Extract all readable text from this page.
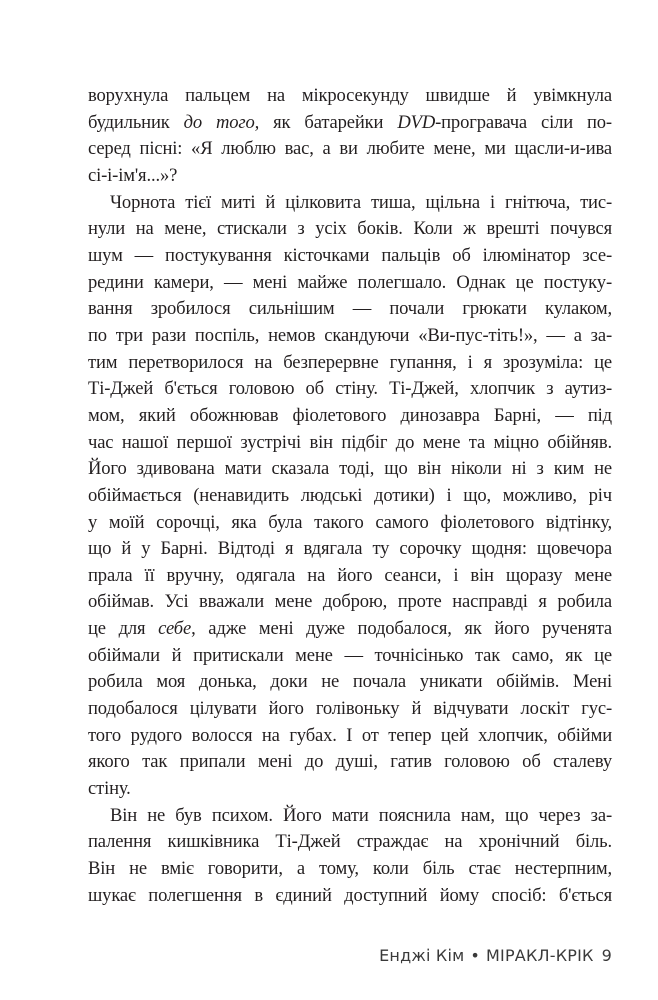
ворухнула пальцем на мікросекунду швидше й увімкнула
будильник до того, як батарейки DVD-програвача сіли по-
серед пісні: «Я люблю вас, а ви любите мене, ми щасли-и-ива
сі-і-ім'я...»?
Чорнота тієї миті й цілковита тиша, щільна і гнітюча, тис-
нули на мене, стискали з усіх боків. Коли ж врешті почувся
шум — постукування кісточками пальців об ілюмінатор зсе-
редини камери, — мені майже полегшало. Однак це постуку-
вання зробилося сильнішим — почали грюкати кулаком,
по три рази поспіль, немов скандуючи «Ви-пус-тіть!», — а за-
тим перетворилося на безперервне гупання, і я зрозуміла: це
Ті-Джей б'ється головою об стіну. Ті-Джей, хлопчик з аутиз-
мом, який обожнював фіолетового динозавра Барні, — під
час нашої першої зустрічі він підбіг до мене та міцно обійняв.
Його здивована мати сказала тоді, що він ніколи ні з ким не
обіймається (ненавидить людські дотики) і що, можливо, річ
у моїй сорочці, яка була такого самого фіолетового відтінку,
що й у Барні. Відтоді я вдягала ту сорочку щодня: щовечора
прала її вручну, одягала на його сеанси, і він щоразу мене
обіймав. Усі вважали мене доброю, проте насправді я робила
це для себе, адже мені дуже подобалося, як його рученята
обіймали й притискали мене — точнісінько так само, як це
робила моя донька, доки не почала уникати обіймів. Мені
подобалося цілувати його голівоньку й відчувати лоскіт гус-
того рудого волосся на губах. І от тепер цей хлопчик, обійми
якого так припали мені до душі, гатив головою об сталеву
стіну.
Він не був психом. Його мати пояснила нам, що через за-
палення кишківника Ті-Джей страждає на хронічний біль.
Він не вміє говорити, а тому, коли біль стає нестерпним,
шукає полегшення в єдиний доступний йому спосіб: б'ється
Енджі Кім • МІРАКЛ-КРІК 9
